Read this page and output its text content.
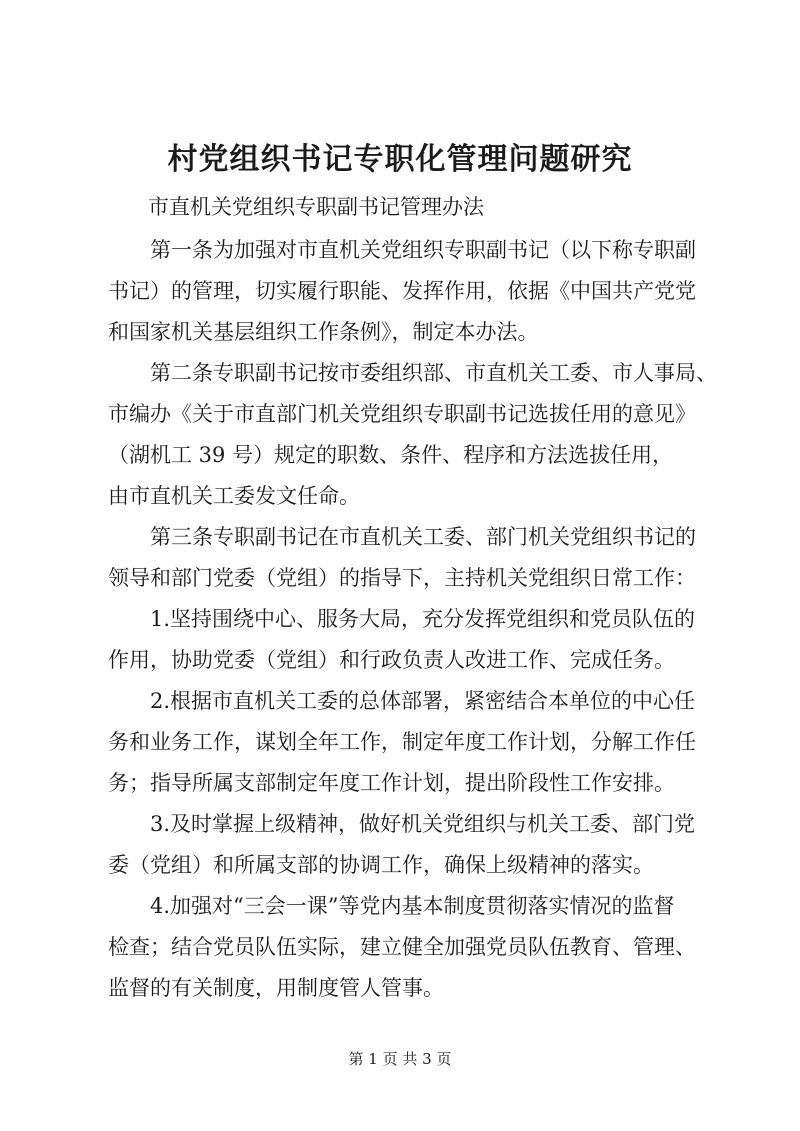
村党组织书记专职化管理问题研究
市直机关党组织专职副书记管理办法
　　第一条为加强对市直机关党组织专职副书记（以下称专职副
书记）的管理，切实履行职能、发挥作用，依据《中国共产党党
和国家机关基层组织工作条例》，制定本办法。
　　第二条专职副书记按市委组织部、市直机关工委、市人事局、
市编办《关于市直部门机关党组织专职副书记选拔任用的意见》
（湖机工 39 号）规定的职数、条件、程序和方法选拔任用，
由市直机关工委发文任命。
　　第三条专职副书记在市直机关工委、部门机关党组织书记的
领导和部门党委（党组）的指导下，主持机关党组织日常工作：
　　1.坚持围绕中心、服务大局，充分发挥党组织和党员队伍的
作用，协助党委（党组）和行政负责人改进工作、完成任务。
　　2.根据市直机关工委的总体部署，紧密结合本单位的中心任
务和业务工作，谋划全年工作，制定年度工作计划，分解工作任
务；指导所属支部制定年度工作计划，提出阶段性工作安排。
　　3.及时掌握上级精神，做好机关党组织与机关工委、部门党
委（党组）和所属支部的协调工作，确保上级精神的落实。
　　4.加强对“三会一课”等党内基本制度贯彻落实情况的监督
检查；结合党员队伍实际，建立健全加强党员队伍教育、管理、
监督的有关制度，用制度管人管事。
第 1 页 共 3 页
